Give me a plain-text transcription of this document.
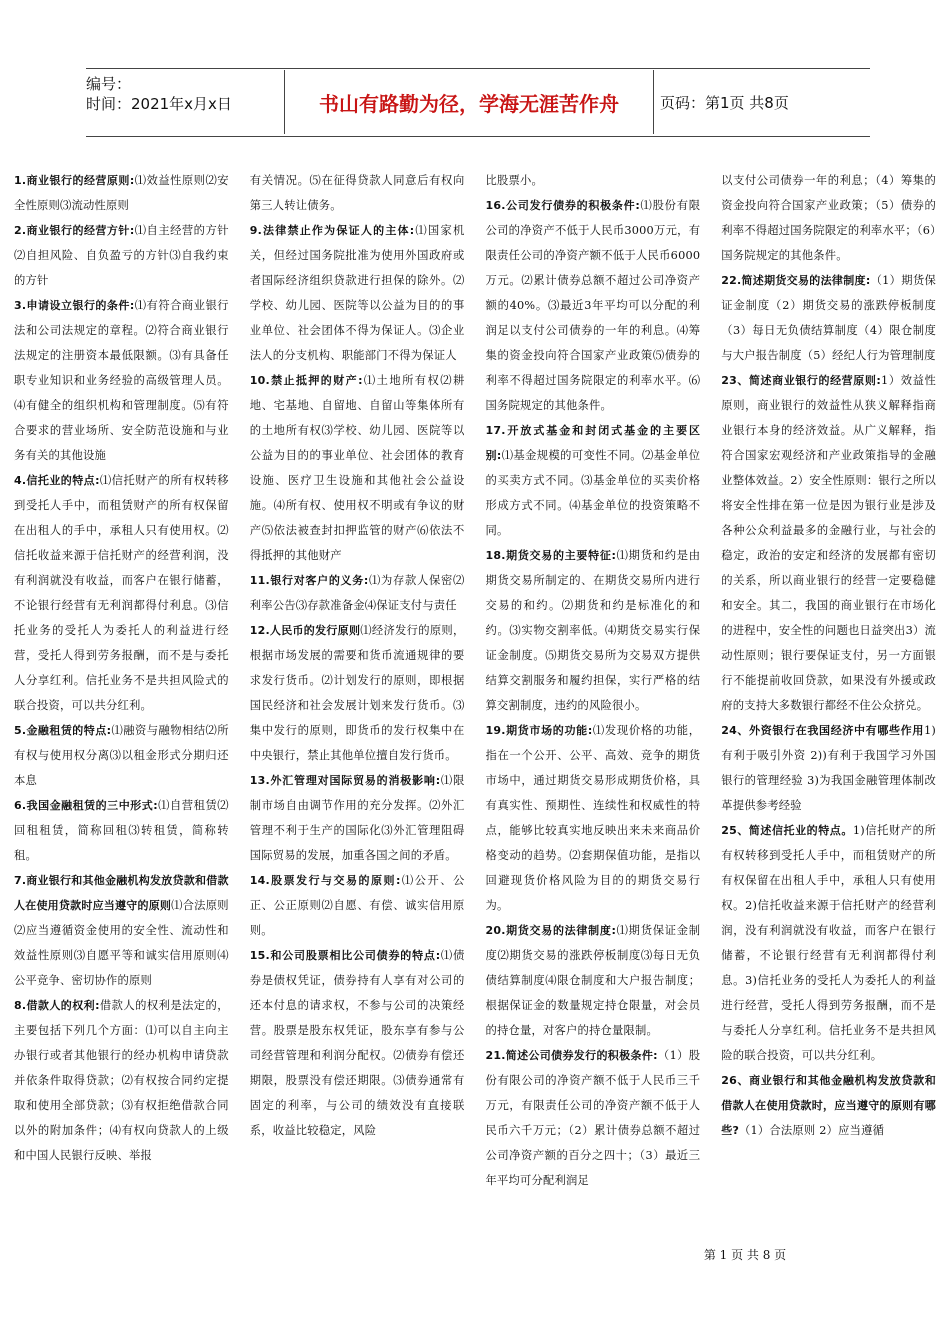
编号：
时间：2021年x月x日	书山有路勤为径，学海无涯苦作舟	页码：第1页 共8页

1.商业银行的经营原则:⑴效益性原则⑵安全性原则⑶流动性原则

2.商业银行的经营方针:⑴自主经营的方针⑵自担风险、自负盈亏的方针⑶自我约束的方针

3.申请设立银行的条件:⑴有符合商业银行法和公司法规定的章程。⑵符合商业银行法规定的注册资本最低限额。⑶有具备任职专业知识和业务经验的高级管理人员。⑷有健全的组织机构和管理制度。⑸有符合要求的营业场所、安全防范设施和与业务有关的其他设施

4.信托业的特点:⑴信托财产的所有权转移到受托人手中，而租赁财产的所有权保留在出租人的手中，承租人只有使用权。⑵信托收益来源于信托财产的经营利润，没有利润就没有收益，而客户在银行储蓄，不论银行经营有无利润都得付利息。⑶信托业务的受托人为委托人的利益进行经营，受托人得到劳务报酬，而不是与委托人分享红利。信托业务不是共担风险式的联合投资，可以共分红利。

5.金融租赁的特点:⑴融资与融物相结⑵所有权与使用权分离⑶以租金形式分期归还本息

6.我国金融租赁的三中形式:⑴自营租赁⑵回租租赁，简称回租⑶转租赁，简称转租。

7.商业银行和其他金融机构发放贷款和借款人在使用贷款时应当遵守的原则⑴合法原则⑵应当遵循资金使用的安全性、流动性和效益性原则⑶自愿平等和诚实信用原则⑷公平竞争、密切协作的原则

8.借款人的权利:借款人的权利是法定的，主要包括下列几个方面：⑴可以自主向主办银行或者其他银行的经办机构申请贷款并依条件取得贷款；⑵有权按合同约定提取和使用全部贷款；⑶有权拒绝借款合同以外的附加条件；⑷有权向贷款人的上级和中国人民银行反映、举报

有关情况。⑸在征得贷款人同意后有权向第三人转让债务。

9.法律禁止作为保证人的主体:⑴国家机关，但经过国务院批准为使用外国政府或者国际经济组织贷款进行担保的除外。⑵学校、幼儿园、医院等以公益为目的的事业单位、社会团体不得为保证人。⑶企业法人的分支机构、职能部门不得为保证人

10.禁止抵押的财产:⑴土地所有权⑵耕地、宅基地、自留地、自留山等集体所有的土地所有权⑶学校、幼儿园、医院等以公益为目的的事业单位、社会团体的教育设施、医疗卫生设施和其他社会公益设施。⑷所有权、使用权不明或有争议的财产⑸依法被查封扣押监管的财产⑹依法不得抵押的其他财产

11.银行对客户的义务:⑴为存款人保密⑵利率公告⑶存款准备金⑷保证支付与责任

12.人民币的发行原则⑴经济发行的原则，根据市场发展的需要和货币流通规律的要求发行货币。⑵计划发行的原则，即根据国民经济和社会发展计划来发行货币。⑶集中发行的原则，即货币的发行权集中在中央银行，禁止其他单位擅自发行货币。

13.外汇管理对国际贸易的消极影响:⑴限制市场自由调节作用的充分发挥。⑵外汇管理不利于生产的国际化⑶外汇管理阻碍国际贸易的发展，加重各国之间的矛盾。

14.股票发行与交易的原则:⑴公开、公正、公正原则⑵自愿、有偿、诚实信用原则。

15.和公司股票相比公司债券的特点:⑴债券是债权凭证，债券持有人享有对公司的还本付息的请求权，不参与公司的决策经营。股票是股东权凭证，股东享有参与公司经营管理和利润分配权。⑵债券有偿还期限，股票没有偿还期限。⑶债券通常有固定的利率，与公司的绩效没有直接联系，收益比较稳定，风险

比股票小。

16.公司发行债券的积极条件:⑴股份有限公司的净资产不低于人民币3000万元，有限责任公司的净资产额不低于人民币6000万元。⑵累计债券总额不超过公司净资产额的40%。⑶最近3年平均可以分配的利润足以支付公司债券的一年的利息。⑷筹集的资金投向符合国家产业政策⑸债券的利率不得超过国务院限定的利率水平。⑹国务院规定的其他条件。

17.开放式基金和封闭式基金的主要区别:⑴基金规模的可变性不同。⑵基金单位的买卖方式不同。⑶基金单位的买卖价格形成方式不同。⑷基金单位的投资策略不同。

18.期货交易的主要特征:⑴期货和约是由期货交易所制定的、在期货交易所内进行交易的和约。⑵期货和约是标准化的和约。⑶实物交割率低。⑷期货交易实行保证金制度。⑸期货交易所为交易双方提供结算交割服务和履约担保，实行严格的结算交割制度，违约的风险很小。

19.期货市场的功能:⑴发现价格的功能，指在一个公开、公平、高效、竞争的期货市场中，通过期货交易形成期货价格，具有真实性、预期性、连续性和权威性的特点，能够比较真实地反映出来未来商品价格变动的趋势。⑵套期保值功能，是指以回避现货价格风险为目的的期货交易行为。

20.期货交易的法律制度:⑴期货保证金制度⑵期货交易的涨跌停板制度⑶每日无负债结算制度⑷限仓制度和大户报告制度；根据保证金的数量规定持仓限量，对会员的持仓量，对客户的持仓量限制。

21.简述公司债券发行的积极条件:（1）股份有限公司的净资产额不低于人民币三千万元，有限责任公司的净资产额不低于人民币六千万元；（2）累计债券总额不超过公司净资产额的百分之四十；（3）最近三年平均可分配利润足

以支付公司债券一年的利息；（4）筹集的资金投向符合国家产业政策；（5）债券的利率不得超过国务院限定的利率水平；（6）国务院规定的其他条件。

22.简述期货交易的法律制度:（1）期货保证金制度（2）期货交易的涨跌停板制度（3）每日无负债结算制度（4）限仓制度与大户报告制度（5）经纪人行为管理制度

23、简述商业银行的经营原则:1）效益性原则，商业银行的效益性从狭义解释指商业银行本身的经济效益。从广义解释，指符合国家宏观经济和产业政策指导的金融业整体效益。2）安全性原则：银行之所以将安全性排在第一位是因为银行业是涉及各种公众利益最多的金融行业，与社会的稳定，政治的安定和经济的发展都有密切的关系，所以商业银行的经营一定要稳健和安全。其二，我国的商业银行在市场化的进程中，安全性的问题也日益突出3）流动性原则；银行要保证支付，另一方面银行不能提前收回贷款，如果没有外援或政府的支持大多数银行都经不住公众挤兑。

24、外资银行在我国经济中有哪些作用1)有利于吸引外资 2))有利于我国学习外国银行的管理经验 3)为我国金融管理体制改革提供参考经验

25、简述信托业的特点。1)信托财产的所有权转移到受托人手中，而租赁财产的所有权保留在出租人手中，承租人只有使用权。2)信托收益来源于信托财产的经营利润，没有利润就没有收益，而客户在银行储蓄，不论银行经营有无利润都得付利息。3)信托业务的受托人为委托人的利益进行经营，受托人得到劳务报酬，而不是与委托人分享红利。信托业务不是共担风险的联合投资，可以共分红利。

26、商业银行和其他金融机构发放贷款和借款人在使用贷款时，应当遵守的原则有哪些?（1）合法原则 2）应当遵循

第 1 页 共 8 页
